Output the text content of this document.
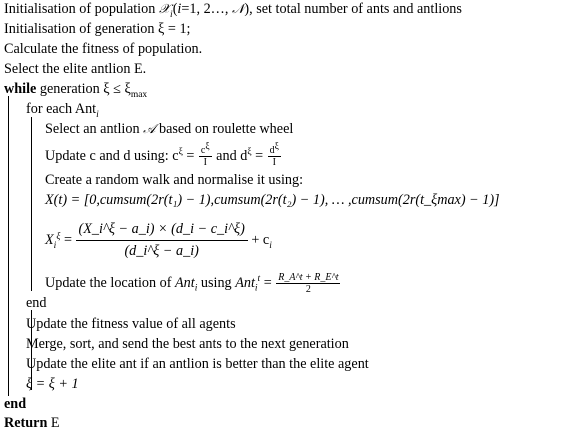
Initialisation of population 𝒳$_i$(i=1, 2…, 𝒩), set total number of ants and antlions
Initialisation of generation ξ = 1;
Calculate the fitness of population.
Select the elite antlion E.
while generation $\xi \le \xi_{max}$
for each Ant$_i$
Select an antlion 𝒜 based on roulette wheel
Update c and d using: $c^\xi = \frac{c^\xi}{I}$ and $d^\xi = \frac{d^\xi}{I}$
Create a random walk and normalise it using:
X(t) = [0,cumsum(2r(t₁) − 1),cumsum(2r(t₂) − 1), … ,cumsum(2r(t_ξmax) − 1)]
$X_i^\xi = \frac{(X\_i\^{}\xi - a\_i) \times (d\_i - c\_i\^{}\xi)}{(d\_i\^{}\xi - a\_i)} + c_i$
Update the location of Ant$_i$ using $Ant_i^t = \frac{R\_A\^{}t + R\_E\^{}t}{2}$
end
Update the fitness value of all agents
Merge, sort, and send the best ants to the next generation
Update the elite ant if an antlion is better than the elite agent
ξ = ξ + 1
end
Return E
